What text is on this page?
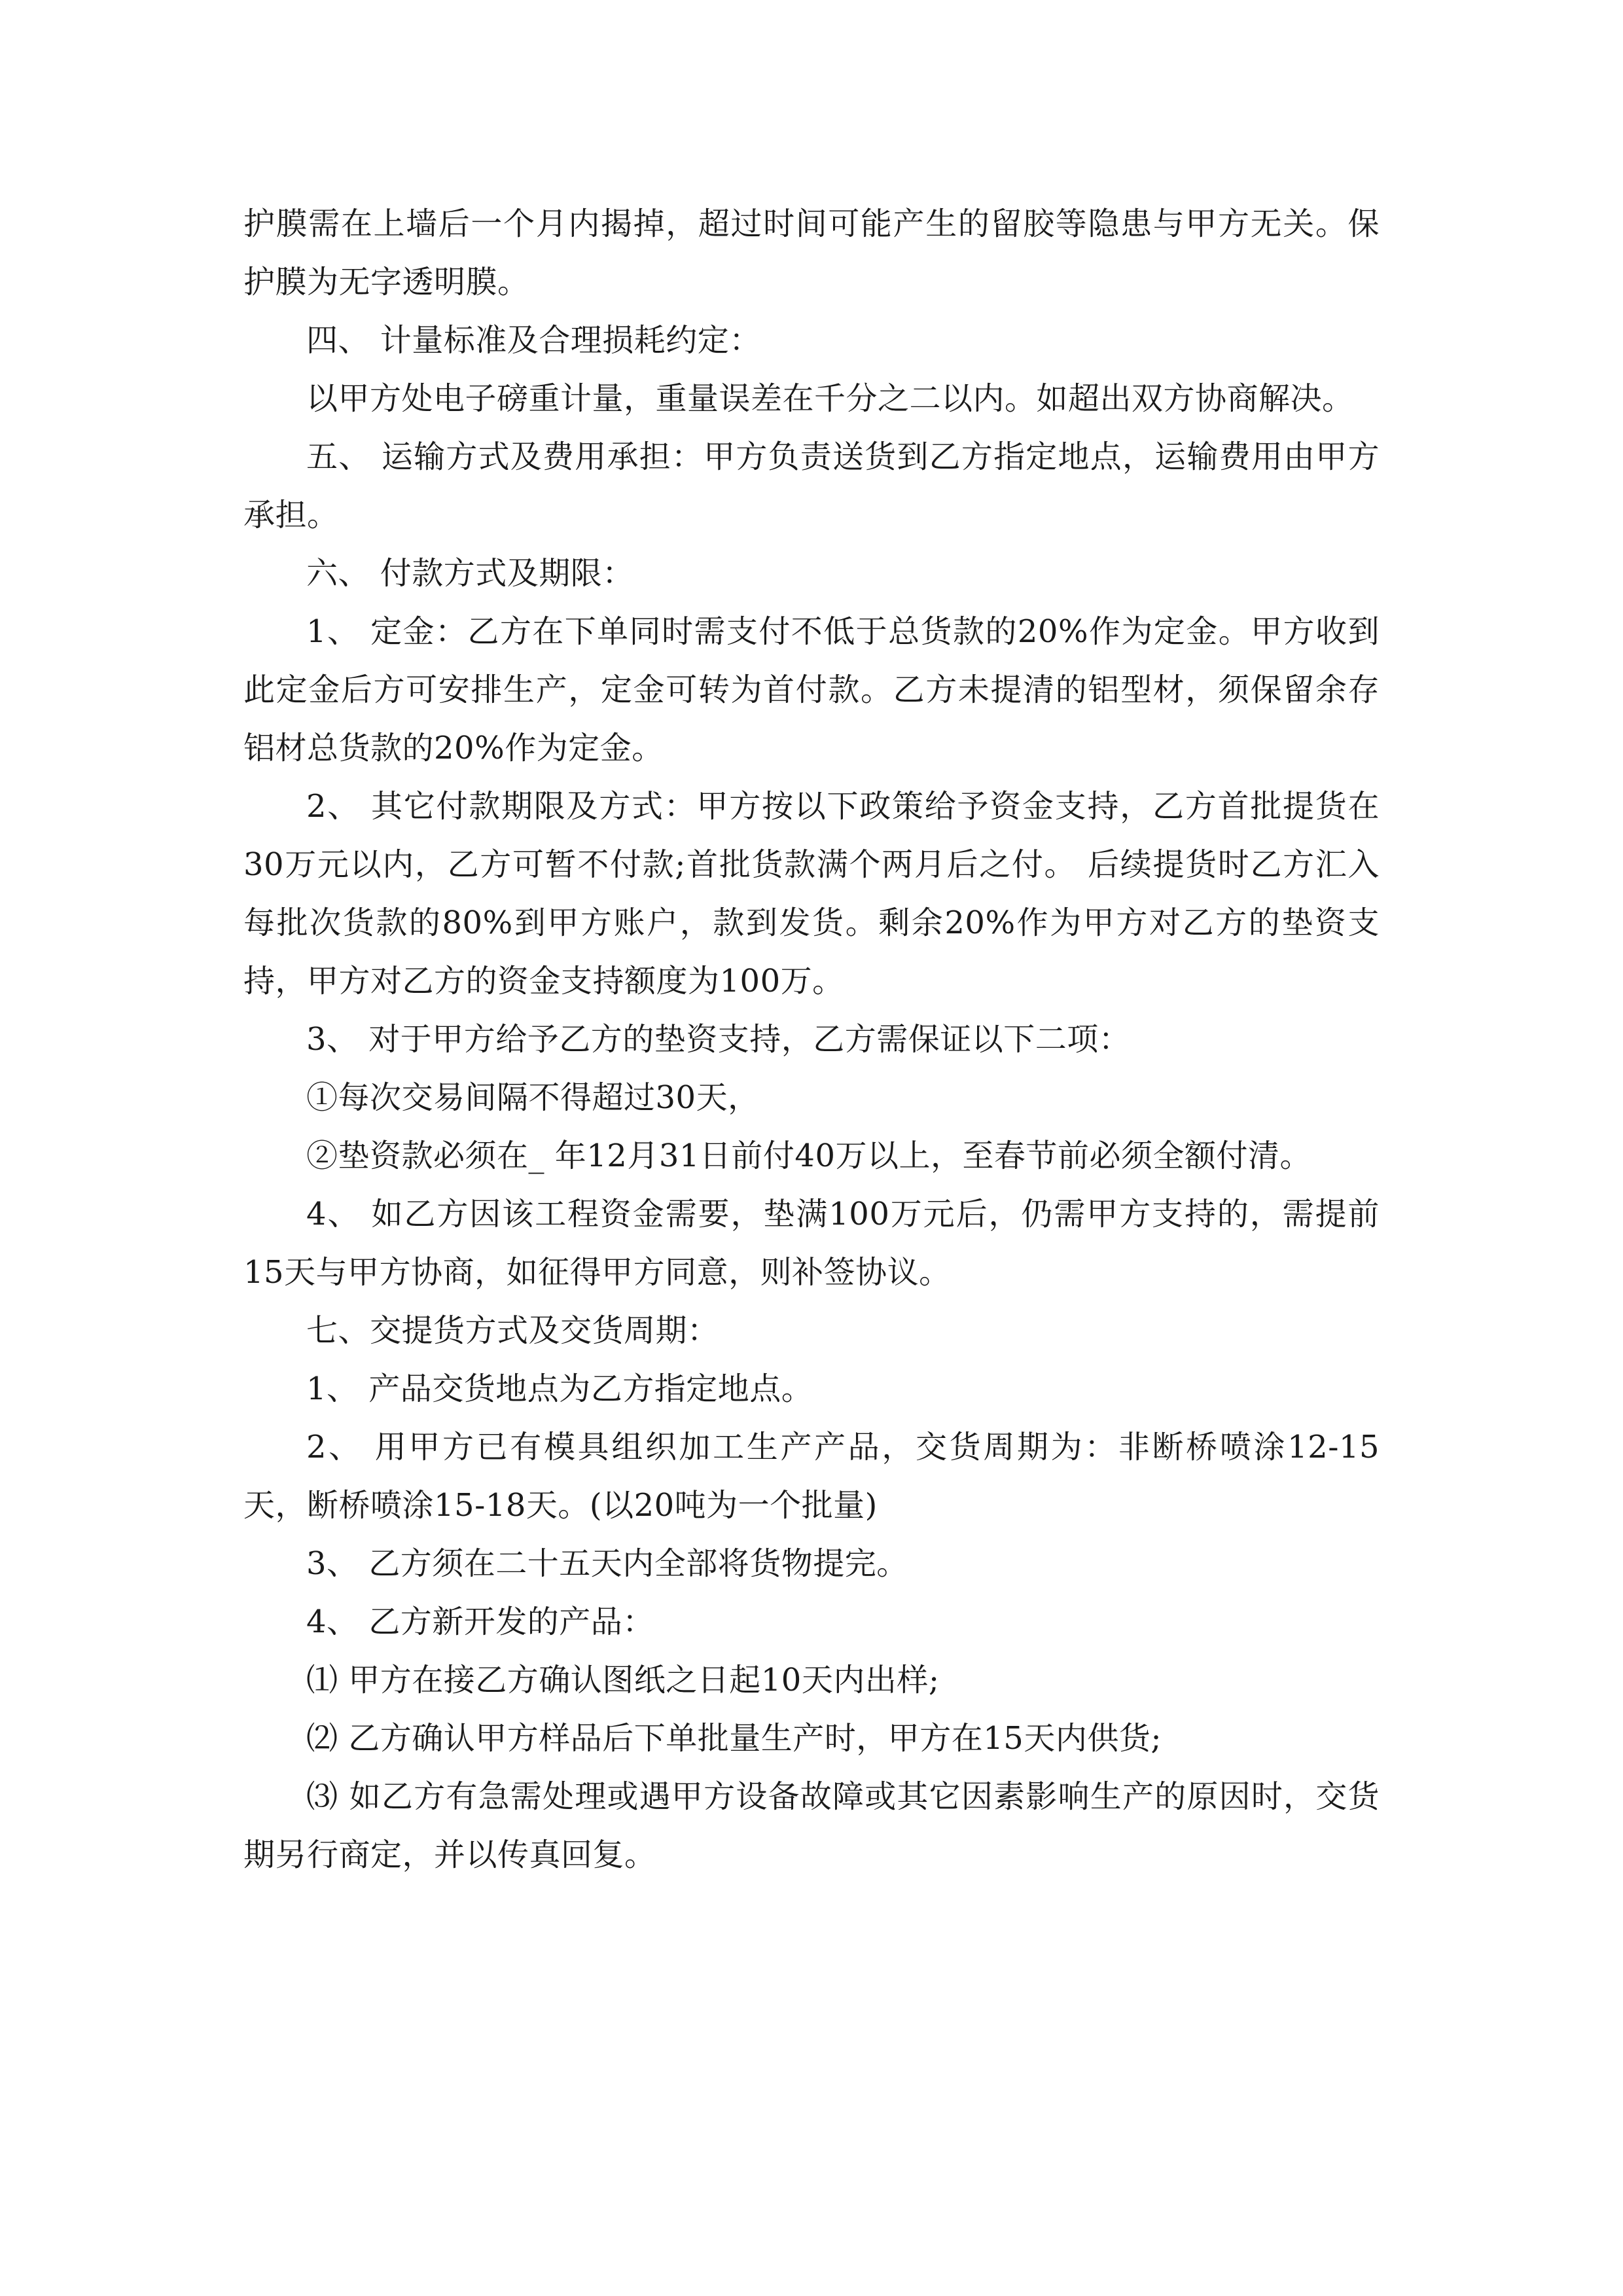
护膜需在上墙后一个月内揭掉，超过时间可能产生的留胶等隐患与甲方无关。保护膜为无字透明膜。

四、 计量标准及合理损耗约定：

以甲方处电子磅重计量，重量误差在千分之二以内。如超出双方协商解决。

五、 运输方式及费用承担：甲方负责送货到乙方指定地点，运输费用由甲方承担。

六、 付款方式及期限：

1、 定金：乙方在下单同时需支付不低于总货款的20%作为定金。甲方收到此定金后方可安排生产，定金可转为首付款。乙方未提清的铝型材，须保留余存铝材总货款的20%作为定金。

2、 其它付款期限及方式：甲方按以下政策给予资金支持，乙方首批提货在30万元以内，乙方可暂不付款;首批货款满个两月后之付。 后续提货时乙方汇入每批次货款的80%到甲方账户，款到发货。剩余20%作为甲方对乙方的垫资支持，甲方对乙方的资金支持额度为100万。

3、 对于甲方给予乙方的垫资支持，乙方需保证以下二项：

①每次交易间隔不得超过30天，

②垫资款必须在_ 年12月31日前付40万以上，至春节前必须全额付清。

4、 如乙方因该工程资金需要，垫满100万元后，仍需甲方支持的，需提前15天与甲方协商，如征得甲方同意，则补签协议。

七、交提货方式及交货周期：

1、 产品交货地点为乙方指定地点。

2、 用甲方已有模具组织加工生产产品，交货周期为：非断桥喷涂12-15天，断桥喷涂15-18天。(以20吨为一个批量)

3、 乙方须在二十五天内全部将货物提完。

4、 乙方新开发的产品：

⑴ 甲方在接乙方确认图纸之日起10天内出样;

⑵ 乙方确认甲方样品后下单批量生产时，甲方在15天内供货;

⑶ 如乙方有急需处理或遇甲方设备故障或其它因素影响生产的原因时，交货期另行商定，并以传真回复。
